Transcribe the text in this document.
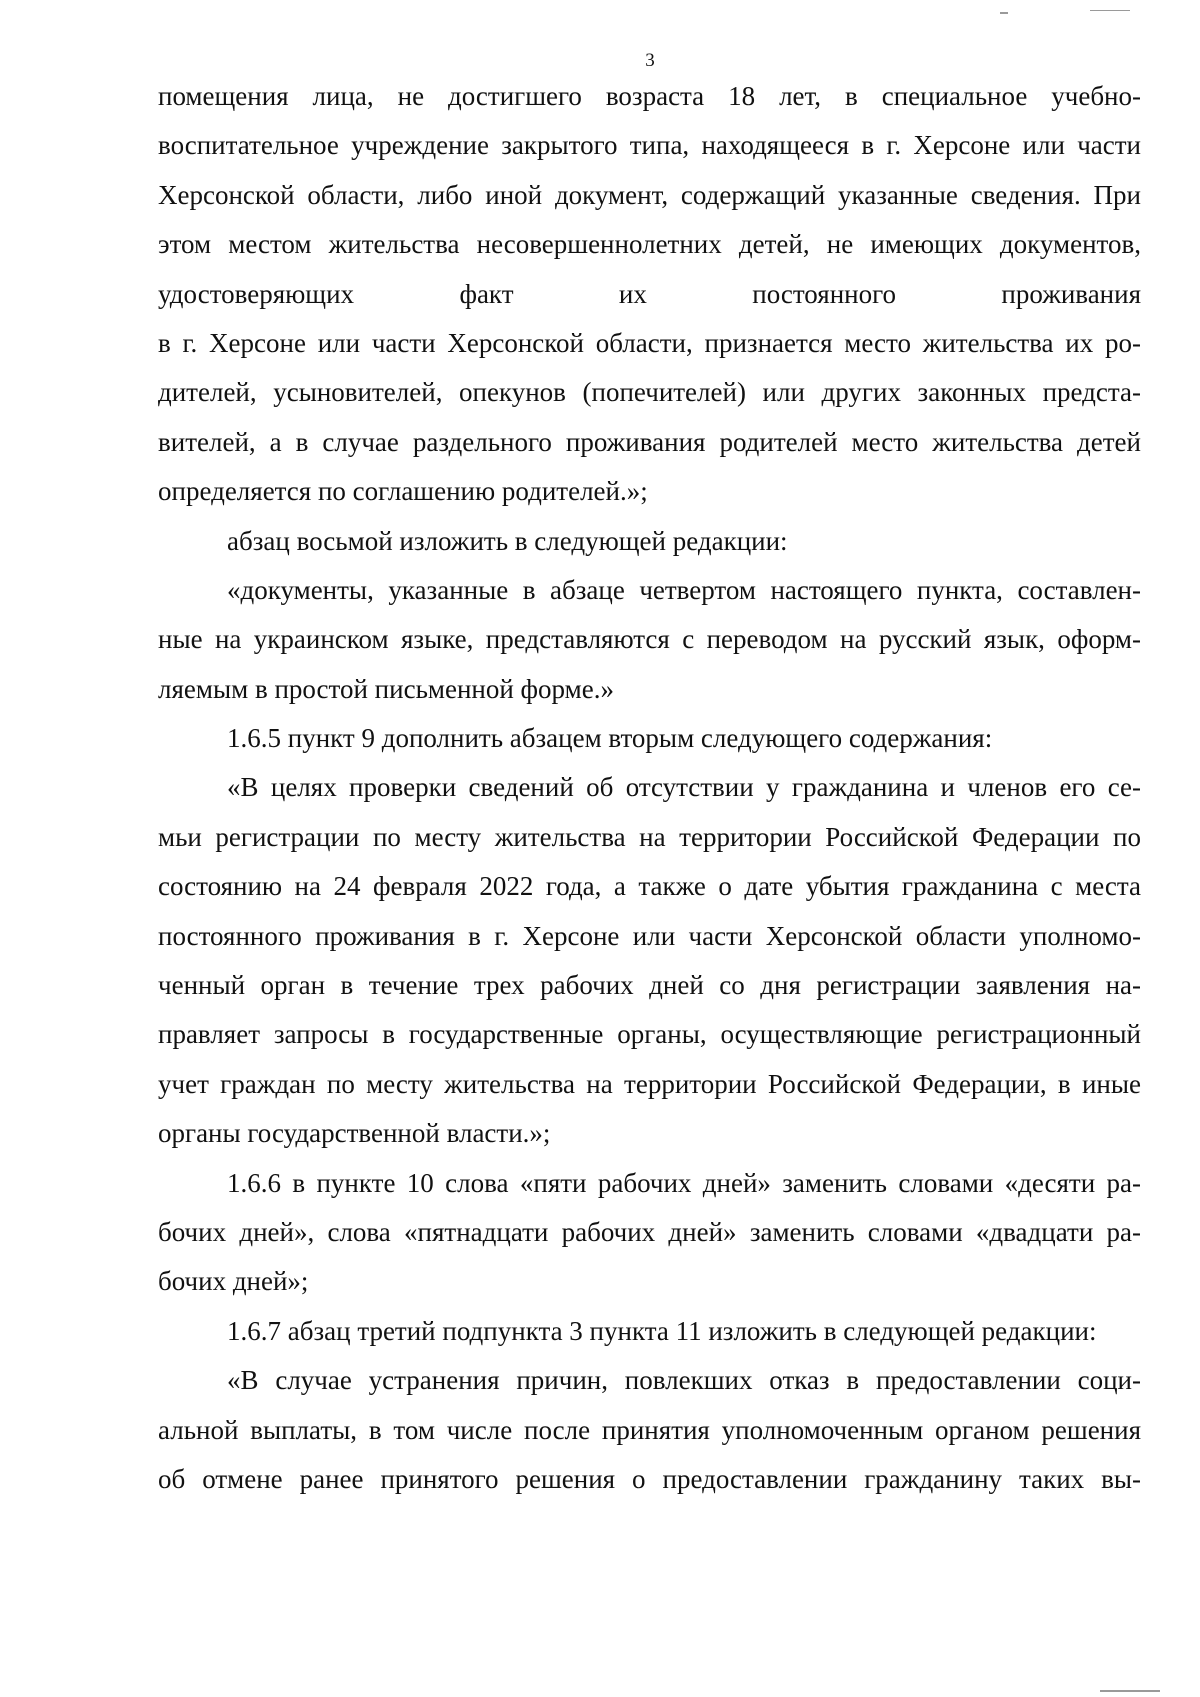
3
помещения лица, не достигшего возраста 18 лет, в специальное учебно-
воспитательное учреждение закрытого типа, находящееся в г. Херсоне или части
Херсонской области, либо иной документ, содержащий указанные сведения. При
этом местом жительства несовершеннолетних детей, не имеющих документов,
удостоверяющих факт их постоянного проживания
в г. Херсоне или части Херсонской области, признается место жительства их ро-
дителей, усыновителей, опекунов (попечителей) или других законных предста-
вителей, а в случае раздельного проживания родителей место жительства детей
определяется по соглашению родителей.»;
абзац восьмой изложить в следующей редакции:
«документы, указанные в абзаце четвертом настоящего пункта, составлен-
ные на украинском языке, представляются с переводом на русский язык, оформ-
ляемым в простой письменной форме.»
1.6.5 пункт 9 дополнить абзацем вторым следующего содержания:
«В целях проверки сведений об отсутствии у гражданина и членов его се-
мьи регистрации по месту жительства на территории Российской Федерации по
состоянию на 24 февраля 2022 года, а также о дате убытия гражданина с места
постоянного проживания в г. Херсоне или части Херсонской области уполномо-
ченный орган в течение трех рабочих дней со дня регистрации заявления на-
правляет запросы в государственные органы, осуществляющие регистрационный
учет граждан по месту жительства на территории Российской Федерации, в иные
органы государственной власти.»;
1.6.6 в пункте 10 слова «пяти рабочих дней» заменить словами «десяти ра-
бочих дней», слова «пятнадцати рабочих дней» заменить словами «двадцати ра-
бочих дней»;
1.6.7 абзац третий подпункта 3 пункта 11 изложить в следующей редакции:
«В случае устранения причин, повлекших отказ в предоставлении соци-
альной выплаты, в том числе после принятия уполномоченным органом решения
об отмене ранее принятого решения о предоставлении гражданину таких вы-
